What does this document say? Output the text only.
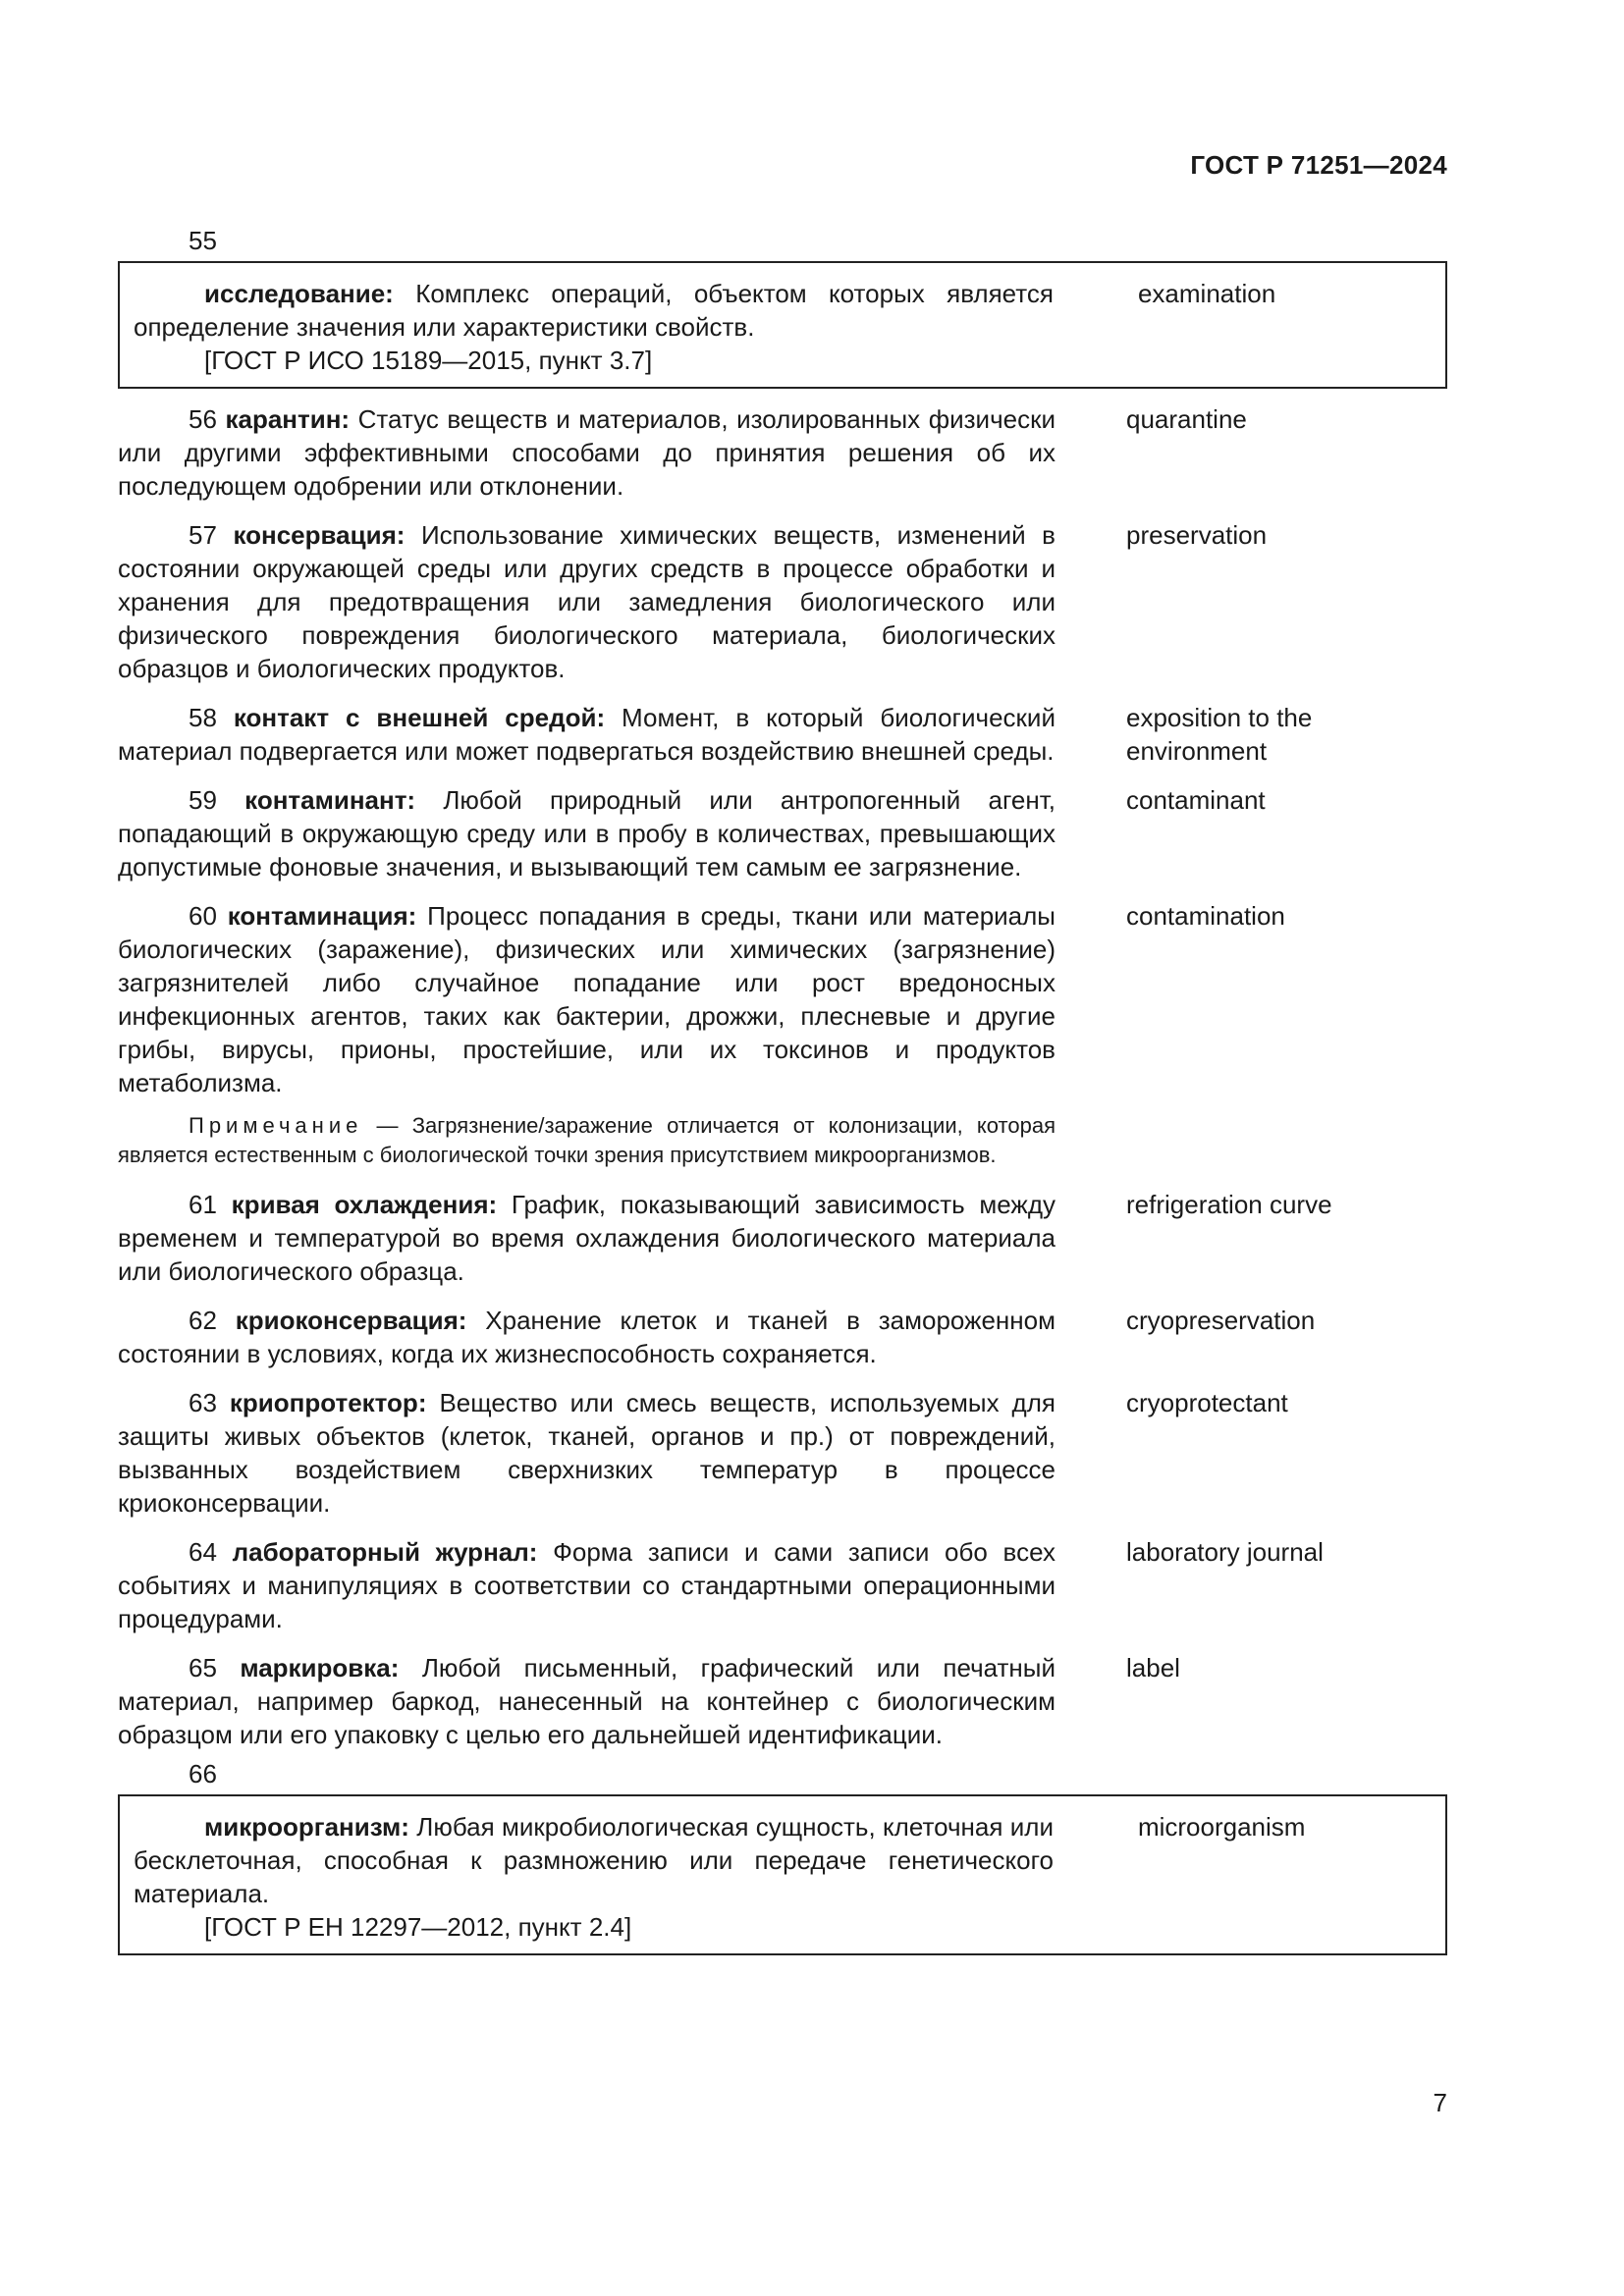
ГОСТ Р 71251—2024
55
исследование: Комплекс операций, объектом которых является определение значения или характеристики свойств.
[ГОСТ Р ИСО 15189—2015, пункт 3.7]
examination
56 карантин: Статус веществ и материалов, изолированных физически или другими эффективными способами до принятия решения об их последующем одобрении или отклонении.
quarantine
57 консервация: Использование химических веществ, изменений в состоянии окружающей среды или других средств в процессе обработки и хранения для предотвращения или замедления биологического или физического повреждения биологического материала, биологических образцов и биологических продуктов.
preservation
58 контакт с внешней средой: Момент, в который биологический материал подвергается или может подвергаться воздействию внешней среды.
exposition to the environment
59 контаминант: Любой природный или антропогенный агент, попадающий в окружающую среду или в пробу в количествах, превышающих допустимые фоновые значения, и вызывающий тем самым ее загрязнение.
contaminant
60 контаминация: Процесс попадания в среды, ткани или материалы биологических (заражение), физических или химических (загрязнение) загрязнителей либо случайное попадание или рост вредоносных инфекционных агентов, таких как бактерии, дрожжи, плесневые и другие грибы, вирусы, прионы, простейшие, или их токсинов и продуктов метаболизма.
contamination
Примечание — Загрязнение/заражение отличается от колонизации, которая является естественным с биологической точки зрения присутствием микроорганизмов.
61 кривая охлаждения: График, показывающий зависимость между временем и температурой во время охлаждения биологического материала или биологического образца.
refrigeration curve
62 криоконсервация: Хранение клеток и тканей в замороженном состоянии в условиях, когда их жизнеспособность сохраняется.
cryopreservation
63 криопротектор: Вещество или смесь веществ, используемых для защиты живых объектов (клеток, тканей, органов и пр.) от повреждений, вызванных воздействием сверхнизких температур в процессе криоконсервации.
cryoprotectant
64 лабораторный журнал: Форма записи и сами записи обо всех событиях и манипуляциях в соответствии со стандартными операционными процедурами.
laboratory journal
65 маркировка: Любой письменный, графический или печатный материал, например баркод, нанесенный на контейнер с биологическим образцом или его упаковку с целью его дальнейшей идентификации.
label
66
микроорганизм: Любая микробиологическая сущность, клеточная или бесклеточная, способная к размножению или передаче генетического материала.
[ГОСТ Р ЕН 12297—2012, пункт 2.4]
microorganism
7
